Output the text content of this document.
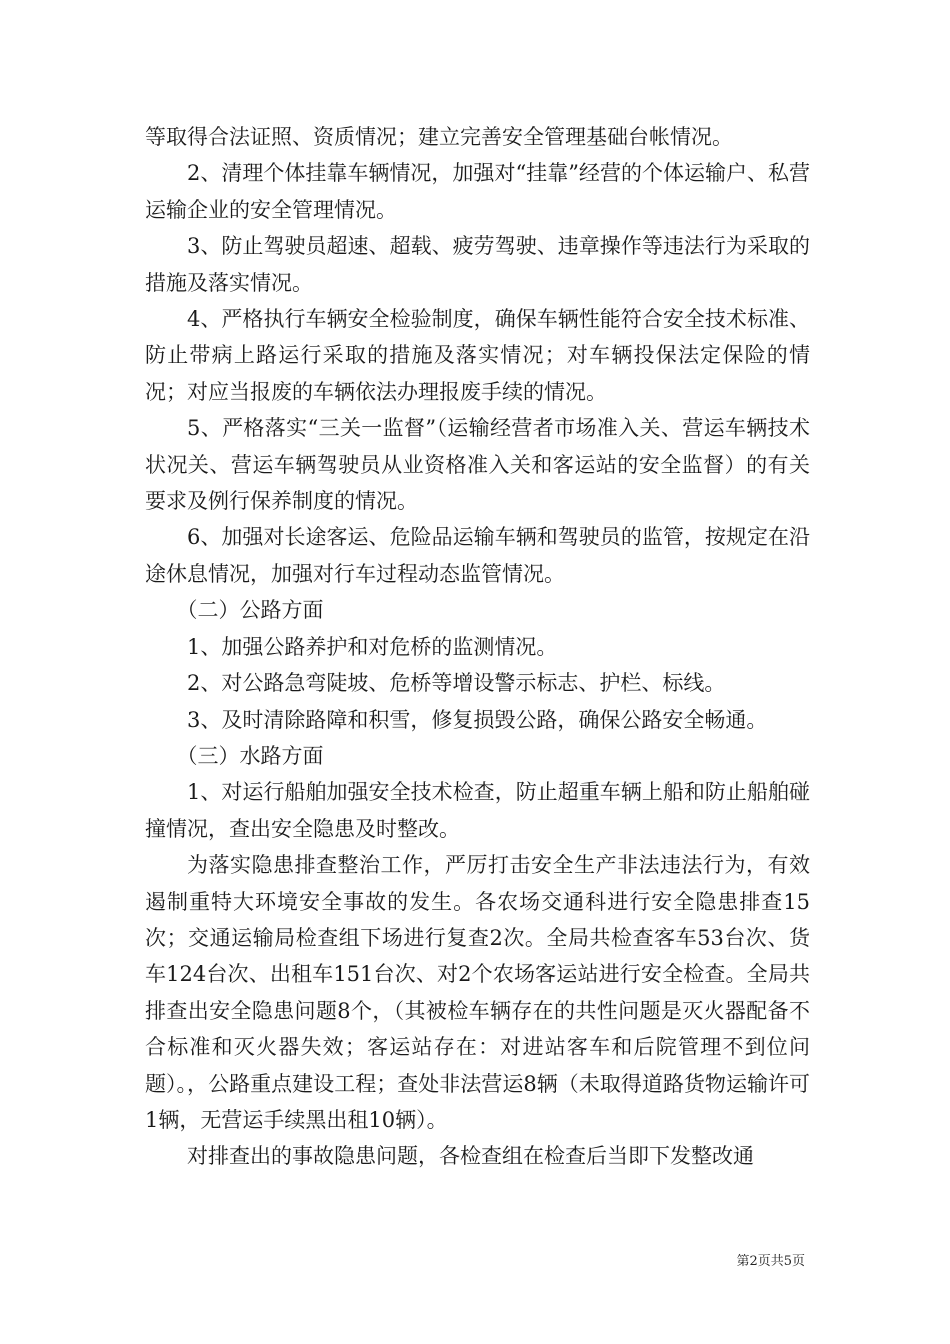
等取得合法证照、资质情况；建立完善安全管理基础台帐情况。

2、清理个体挂靠车辆情况，加强对“挂靠”经营的个体运输户、私营运输企业的安全管理情况。

3、防止驾驶员超速、超载、疲劳驾驶、违章操作等违法行为采取的措施及落实情况。

4、严格执行车辆安全检验制度，确保车辆性能符合安全技术标准、防止带病上路运行采取的措施及落实情况；对车辆投保法定保险的情况；对应当报废的车辆依法办理报废手续的情况。

5、严格落实“三关一监督”（运输经营者市场准入关、营运车辆技术状况关、营运车辆驾驶员从业资格准入关和客运站的安全监督）的有关要求及例行保养制度的情况。

6、加强对长途客运、危险品运输车辆和驾驶员的监管，按规定在沿途休息情况，加强对行车过程动态监管情况。

（二）公路方面

1、加强公路养护和对危桥的监测情况。

2、对公路急弯陡坡、危桥等增设警示标志、护栏、标线。

3、及时清除路障和积雪，修复损毁公路，确保公路安全畅通。

（三）水路方面

1、对运行船舶加强安全技术检查，防止超重车辆上船和防止船舶碰撞情况，查出安全隐患及时整改。

为落实隐患排查整治工作，严厉打击安全生产非法违法行为，有效遏制重特大环境安全事故的发生。各农场交通科进行安全隐患排查15次；交通运输局检查组下场进行复查2次。全局共检查客车53台次、货车124台次、出租车151台次、对2个农场客运站进行安全检查。全局共排查出安全隐患问题8个，（其被检车辆存在的共性问题是灭火器配备不合标准和灭火器失效；客运站存在：对进站客车和后院管理不到位问题）。，公路重点建设工程；查处非法营运8辆（未取得道路货物运输许可1辆，无营运手续黑出租10辆）。

对排查出的事故隐患问题，各检查组在检查后当即下发整改通

第2页共5页
